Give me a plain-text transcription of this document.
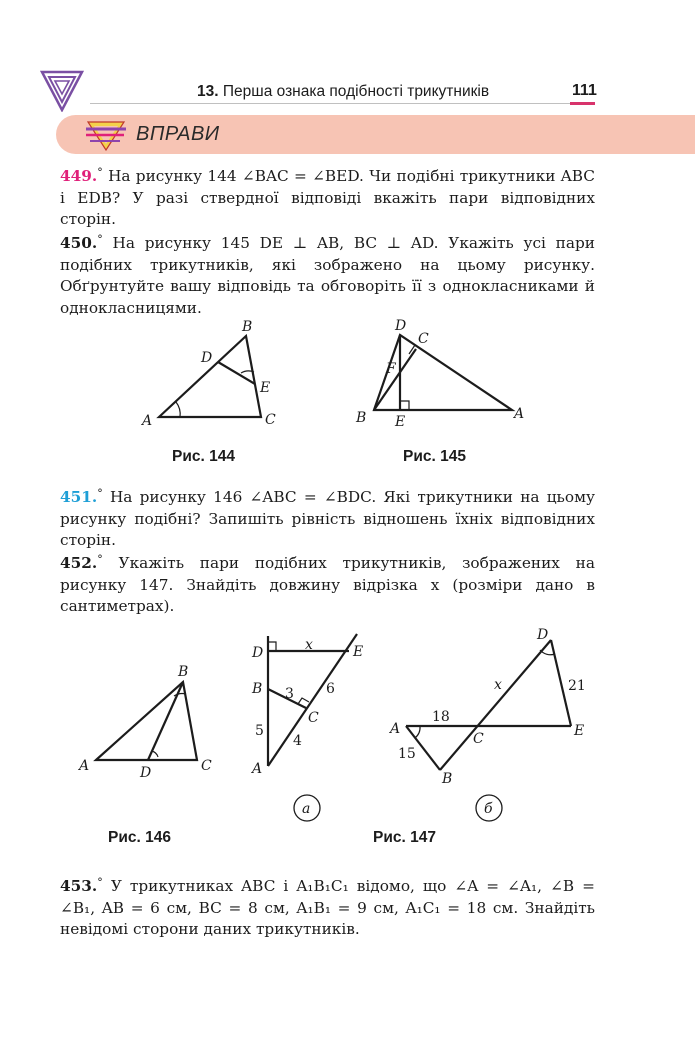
13. Перша ознака подібності трикутників	111
ВПРАВИ

449.° На рисунку 144 ∠BAC = ∠BED. Чи подібні трикутники ABC і EDB? У разі ствердної відповіді вкажіть пари відповідних сторін.

450.° На рисунку 145 DE ⊥ AB, BC ⊥ AD. Укажіть усі пари подібних трикутників, які зображено на цьому рисунку. Обґрунтуйте вашу відповідь та обговоріть її з однокласниками й однокласницями.

451.° На рисунку 146 ∠ABC = ∠BDC. Які трикутники на цьому рисунку подібні? Запишіть рівність відношень їхніх відповідних сторін.

452.° Укажіть пари подібних трикутників, зображених на рисунку 147. Знайдіть довжину відрізка x (розміри дано в сантиметрах).

453.° У трикутниках ABC і A₁B₁C₁ відомо, що ∠A = ∠A₁, ∠B = ∠B₁, AB = 6 см, BC = 8 см, A₁B₁ = 9 см, A₁C₁ = 18 см. Знайдіть невідомі сторони даних трикутників.

A
B
C
D
E
Рис. 144
D
C
F
B E	A
Рис. 145
A
B
C
D
Рис. 146
D	x	E
B 3 6
C
5
4
A
а
D
21
x
18
A
C	E
15
B
б
Рис. 147
